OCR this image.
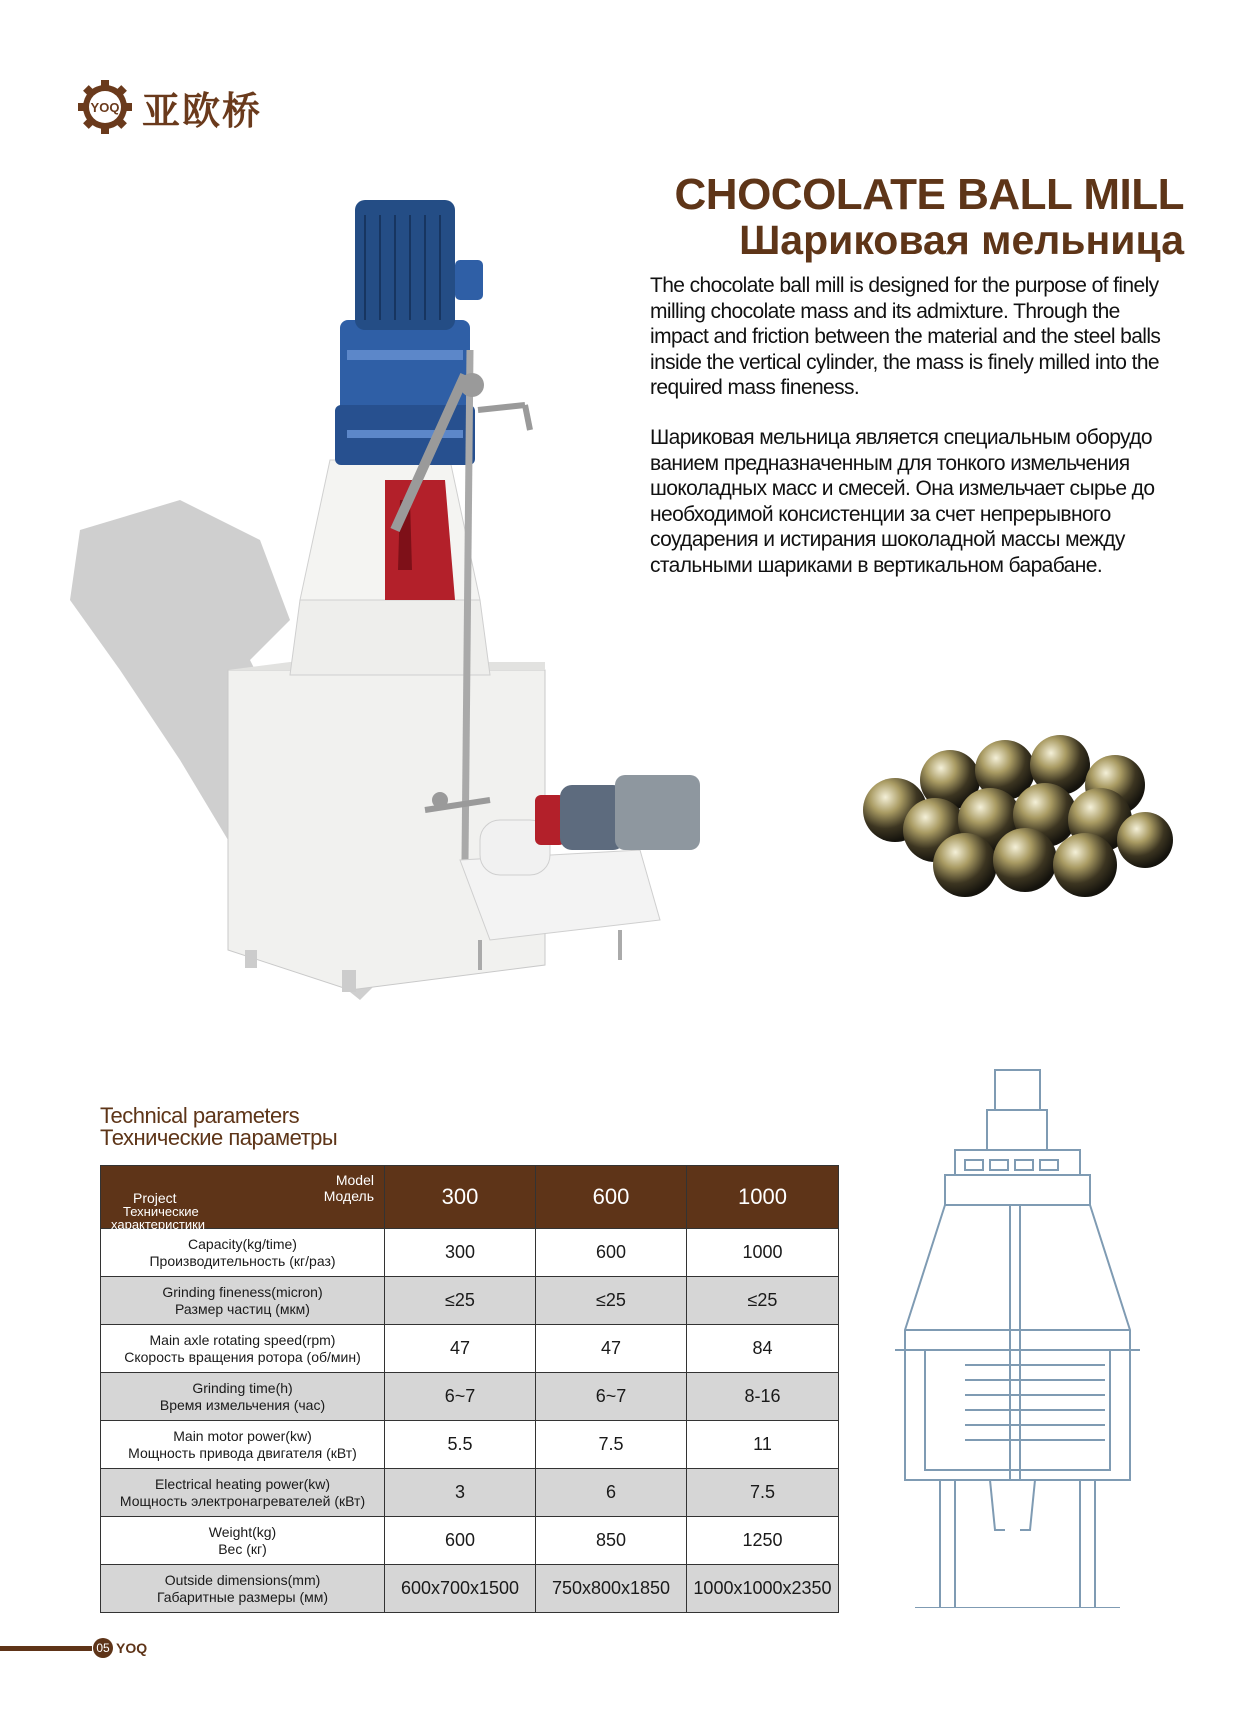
YOQ 亚欧桥
CHOCOLATE BALL MILL
Шариковая мельница
The chocolate ball mill is designed for the purpose of finely milling chocolate mass and its admixture. Through the impact and friction between the material and the steel balls inside the vertical cylinder, the mass is finely milled into the required mass fineness.
Шариковая мельница является специальным оборудо ванием предназначенным для тонкого измельчения шоколадных масс и смесей. Она измельчает сырье до необходимой консистенции за счет непрерывного соударения и истирания шоколадной массы между стальными шариками в вертикальном барабане.
Technical parameters
Технические параметры
Model
Модель
Project
Технические
характеристики	300	600	1000

Capacity(kg/time)
Производительность (кг/раз)	300	600	1000

Grinding fineness(micron)
Размер частиц (мкм)	≤25	≤25	≤25

Main axle rotating speed(rpm)
Скорость вращения ротора (об/мин)	47	47	84

Grinding time(h)
Время измельчения (час)	6~7	6~7	8-16

Main motor power(kw)
Мощность привода двигателя (кВт)	5.5	7.5	11

Electrical heating power(kw)
Мощность электронагревателей (кВт)	3	6	7.5

Weight(kg)
Вес (кг)	600	850	1250

Outside dimensions(mm)
Габаритные размеры (мм)	600x700x1500	750x800x1850	1000x1000x2350
05 YOQ
